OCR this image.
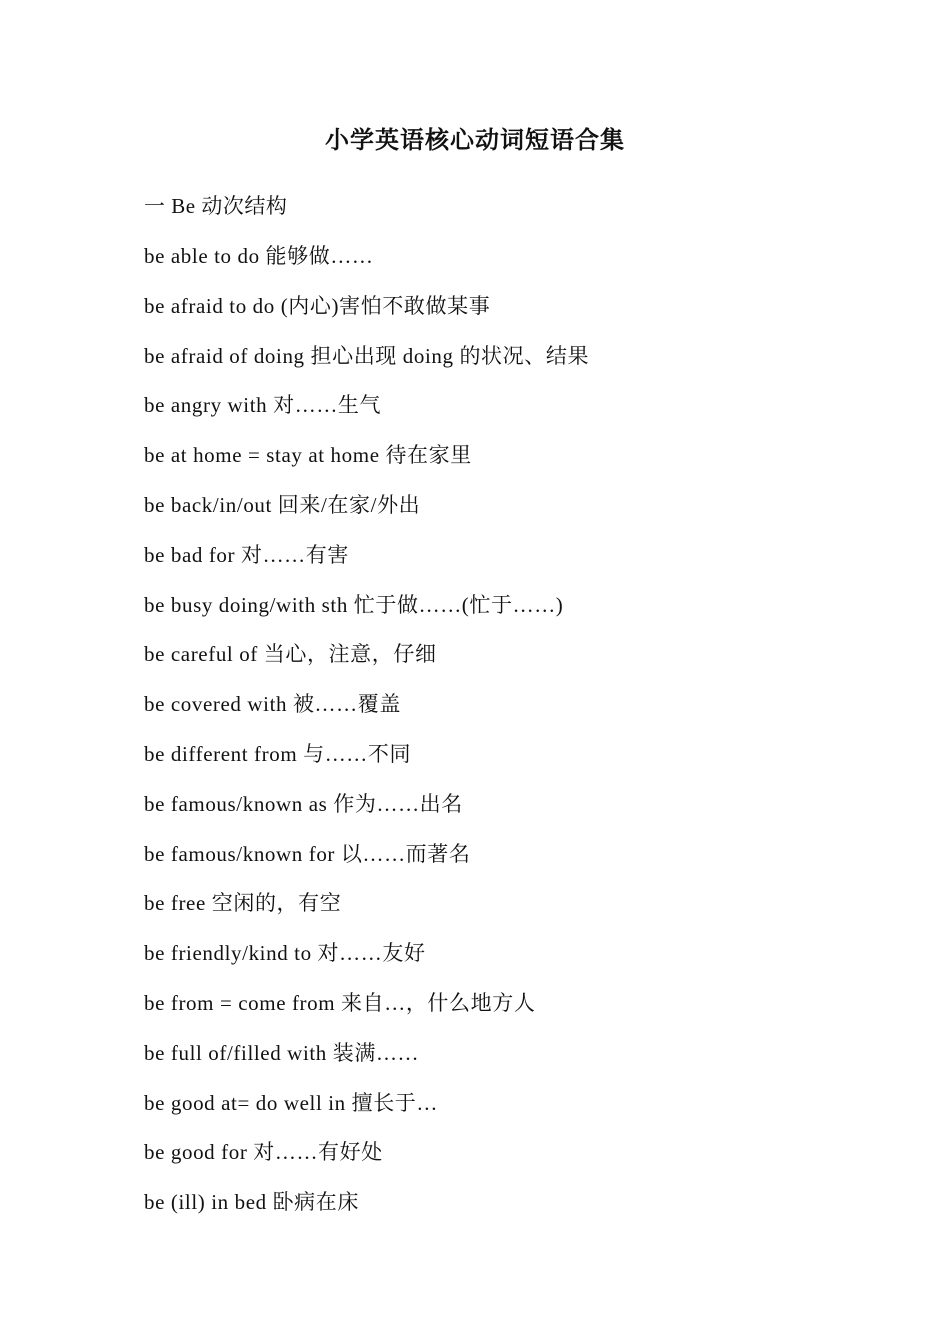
小学英语核心动词短语合集

一 Be 动次结构

be able to do 能够做……
be afraid to do (内心)害怕不敢做某事
be afraid of doing 担心出现 doing 的状况、结果
be angry with 对……生气
be at home = stay at home 待在家里
be back/in/out 回来/在家/外出
be bad for 对……有害
be busy doing/with sth 忙于做……(忙于……)
be careful of 当心，注意，仔细
be covered with 被……覆盖
be different from 与……不同
be famous/known as 作为……出名
be famous/known for 以……而著名
be free 空闲的，有空
be friendly/kind to 对……友好
be from = come from 来自…，什么地方人
be full of/filled with 装满……
be good at= do well in 擅长于…
be good for 对……有好处
be (ill) in bed 卧病在床
